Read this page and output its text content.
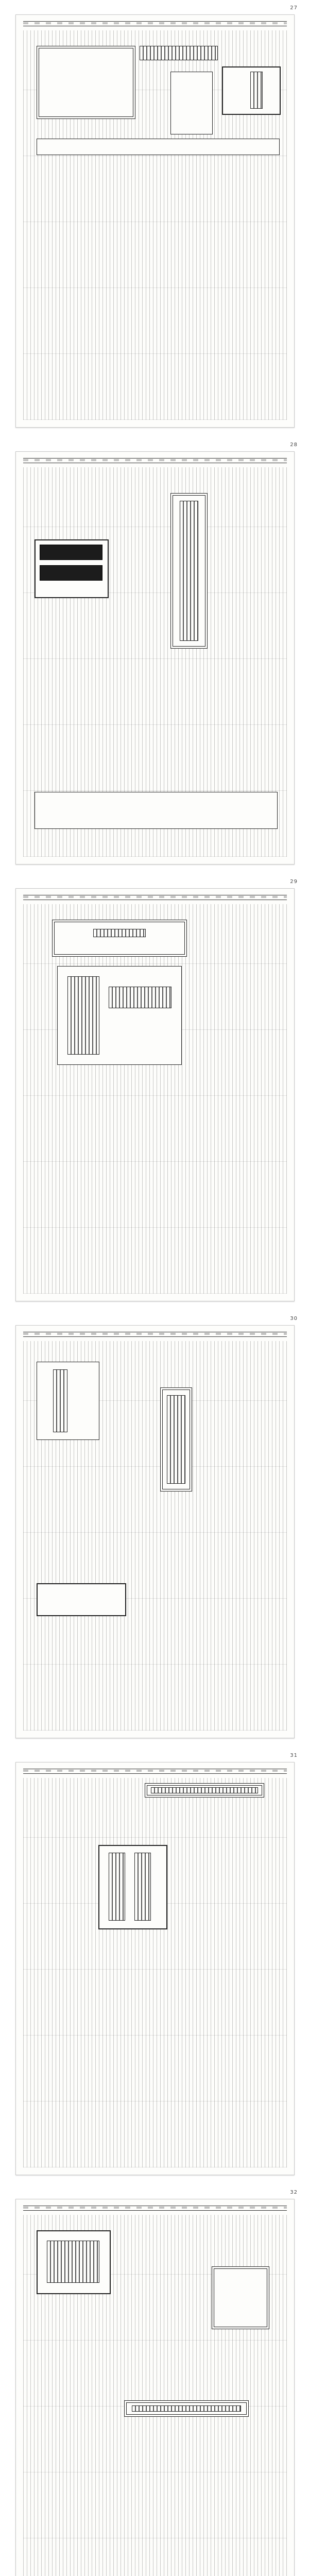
27
28
29
30
31
32
